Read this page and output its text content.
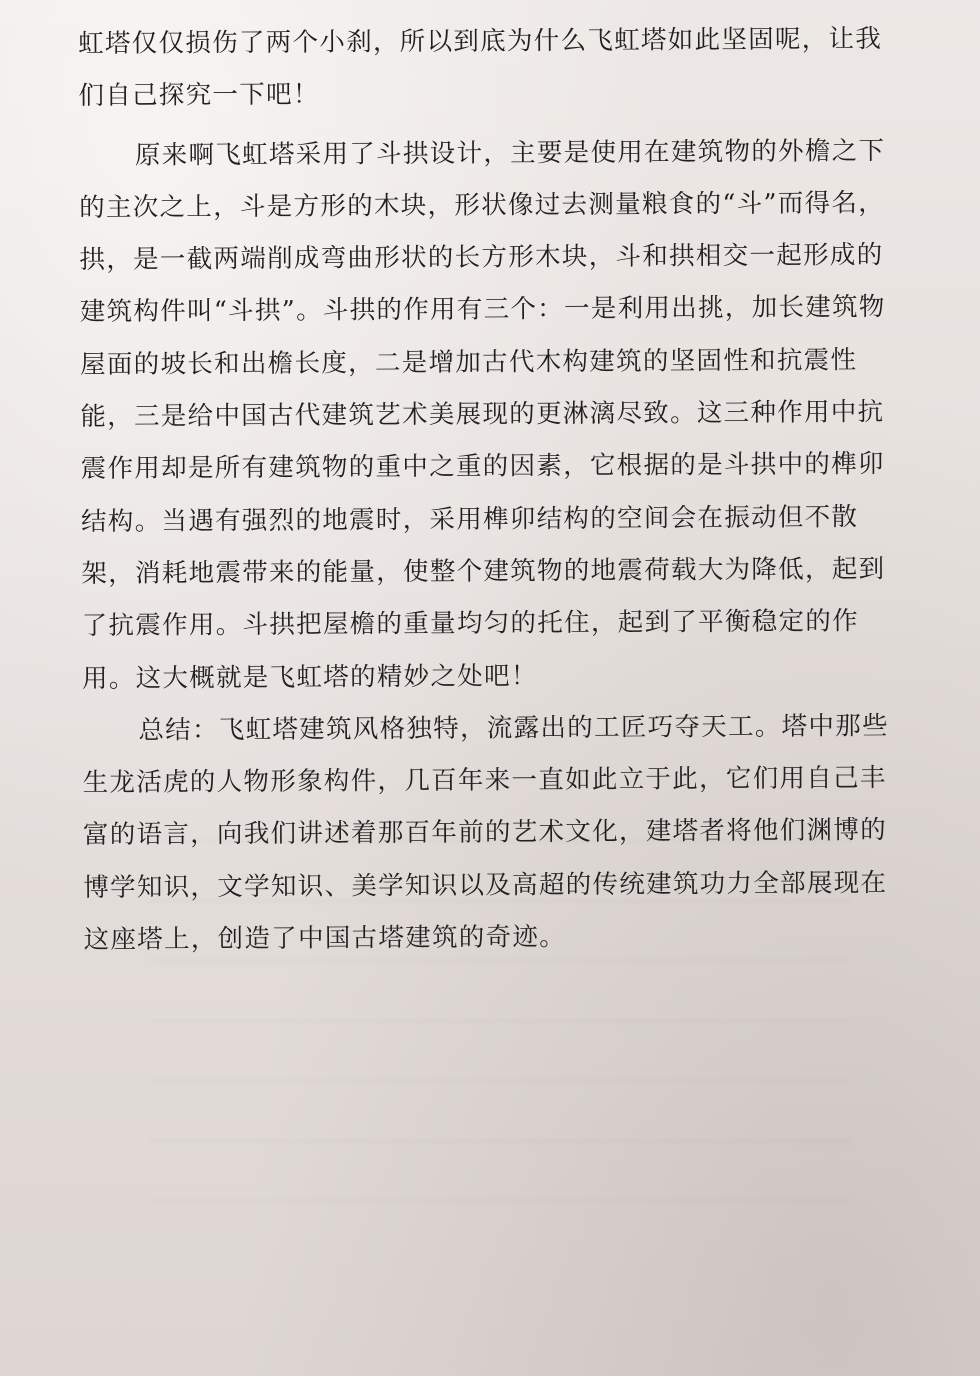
虹塔仅仅损伤了两个小刹，所以到底为什么飞虹塔如此坚固呢，让我们自己探究一下吧！

原来啊飞虹塔采用了斗拱设计，主要是使用在建筑物的外檐之下的主次之上，斗是方形的木块，形状像过去测量粮食的“斗”而得名，拱，是一截两端削成弯曲形状的长方形木块，斗和拱相交一起形成的建筑构件叫“斗拱”。斗拱的作用有三个：一是利用出挑，加长建筑物屋面的坡长和出檐长度，二是增加古代木构建筑的坚固性和抗震性能，三是给中国古代建筑艺术美展现的更淋漓尽致。这三种作用中抗震作用却是所有建筑物的重中之重的因素，它根据的是斗拱中的榫卯结构。当遇有强烈的地震时，采用榫卯结构的空间会在振动但不散架，消耗地震带来的能量，使整个建筑物的地震荷载大为降低，起到了抗震作用。斗拱把屋檐的重量均匀的托住，起到了平衡稳定的作用。这大概就是飞虹塔的精妙之处吧！

总结：飞虹塔建筑风格独特，流露出的工匠巧夺天工。塔中那些生龙活虎的人物形象构件，几百年来一直如此立于此，它们用自己丰富的语言，向我们讲述着那百年前的艺术文化，建塔者将他们渊博的博学知识，文学知识、美学知识以及高超的传统建筑功力全部展现在这座塔上，创造了中国古塔建筑的奇迹。
